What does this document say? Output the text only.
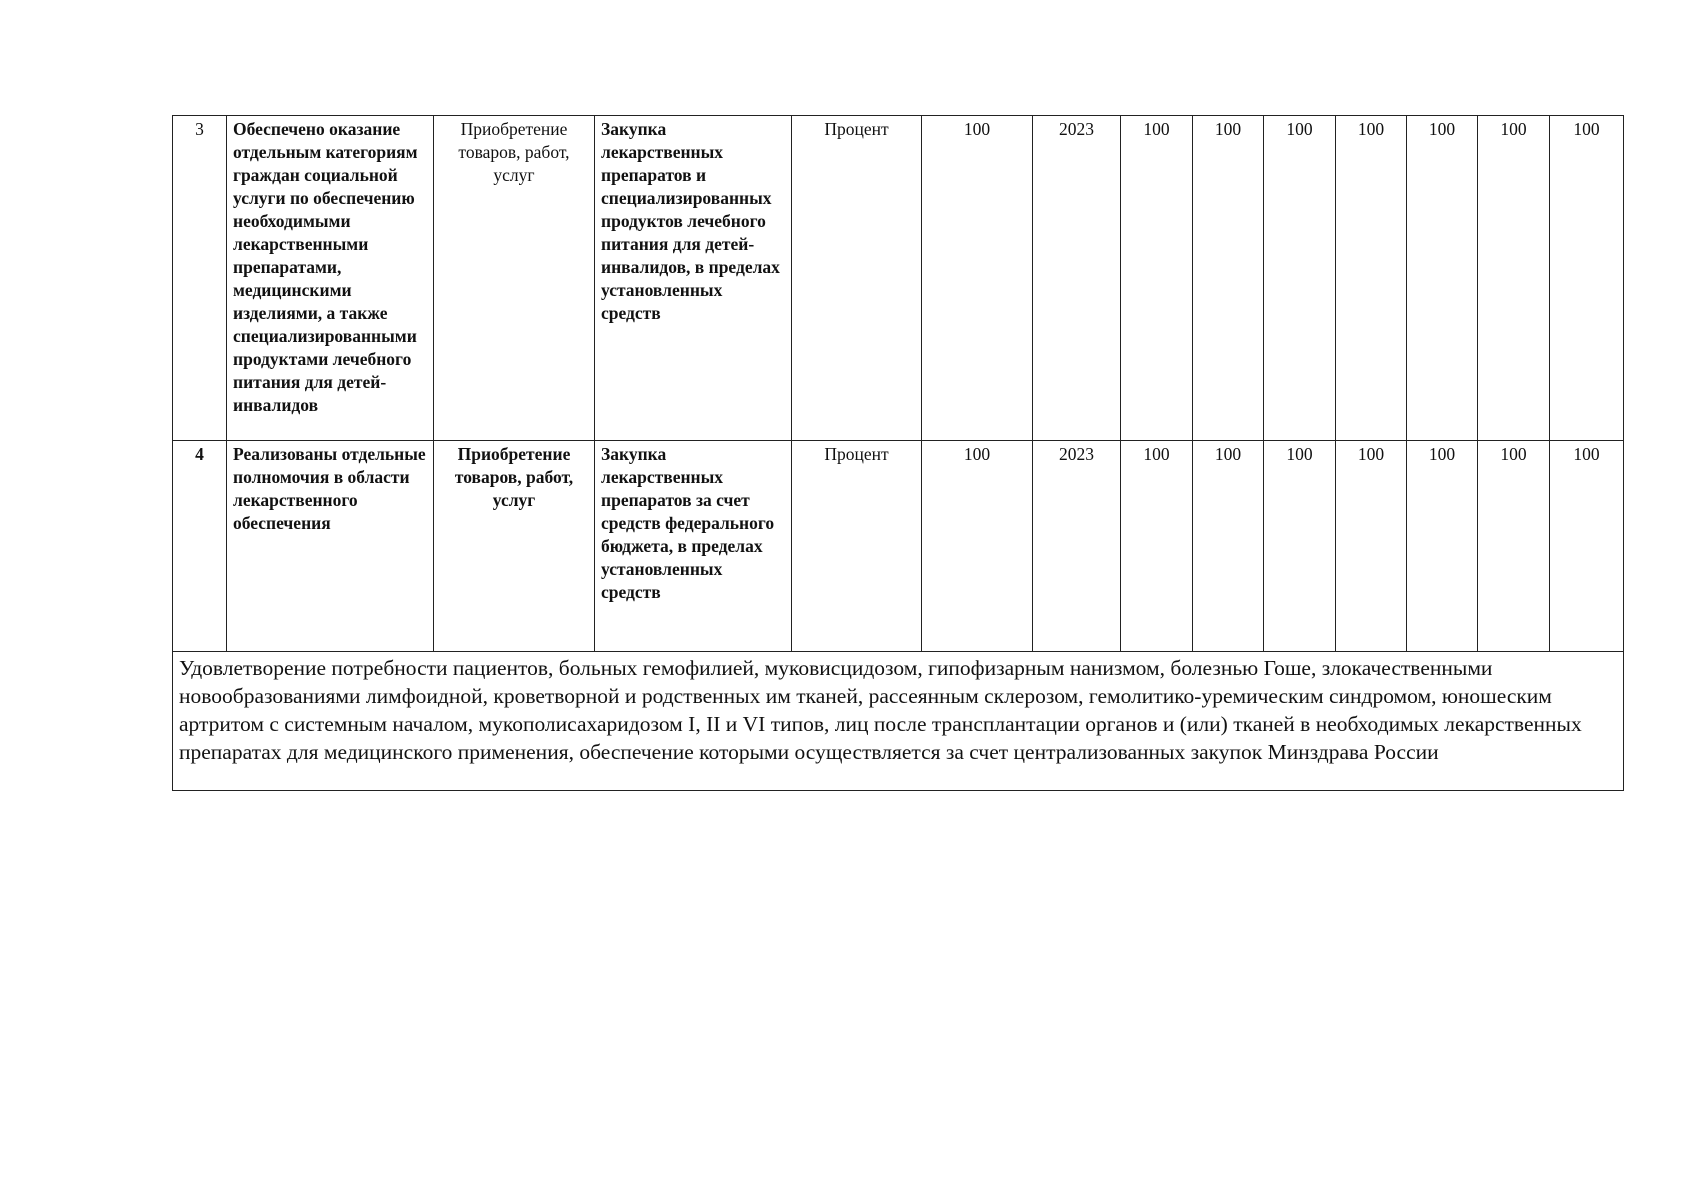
3	Обеспечено оказание отдельным категориям граждан социальной услуги по обеспечению необходимыми лекарственными препаратами, медицинскими изделиями, а также специализированными продуктами лечебного питания для детей-инвалидов	Приобретение товаров, работ, услуг	Закупка лекарственных препаратов и специализированных продуктов лечебного питания для детей-инвалидов, в пределах установленных средств	Процент	100	2023	100	100	100	100	100	100	100
4	Реализованы отдельные полномочия в области лекарственного обеспечения	Приобретение товаров, работ, услуг	Закупка лекарственных препаратов за счет средств федерального бюджета, в пределах установленных средств	Процент	100	2023	100	100	100	100	100	100	100
Удовлетворение потребности пациентов, больных гемофилией, муковисцидозом, гипофизарным нанизмом, болезнью Гоше, злокачественными новообразованиями лимфоидной, кроветворной и родственных им тканей, рассеянным склерозом, гемолитико-уремическим синдромом, юношеским артритом с системным началом, мукополисахаридозом I, II и VI типов, лиц после трансплантации органов и (или) тканей в необходимых лекарственных препаратах для медицинского применения, обеспечение которыми осуществляется за счет централизованных закупок Минздрава России													
